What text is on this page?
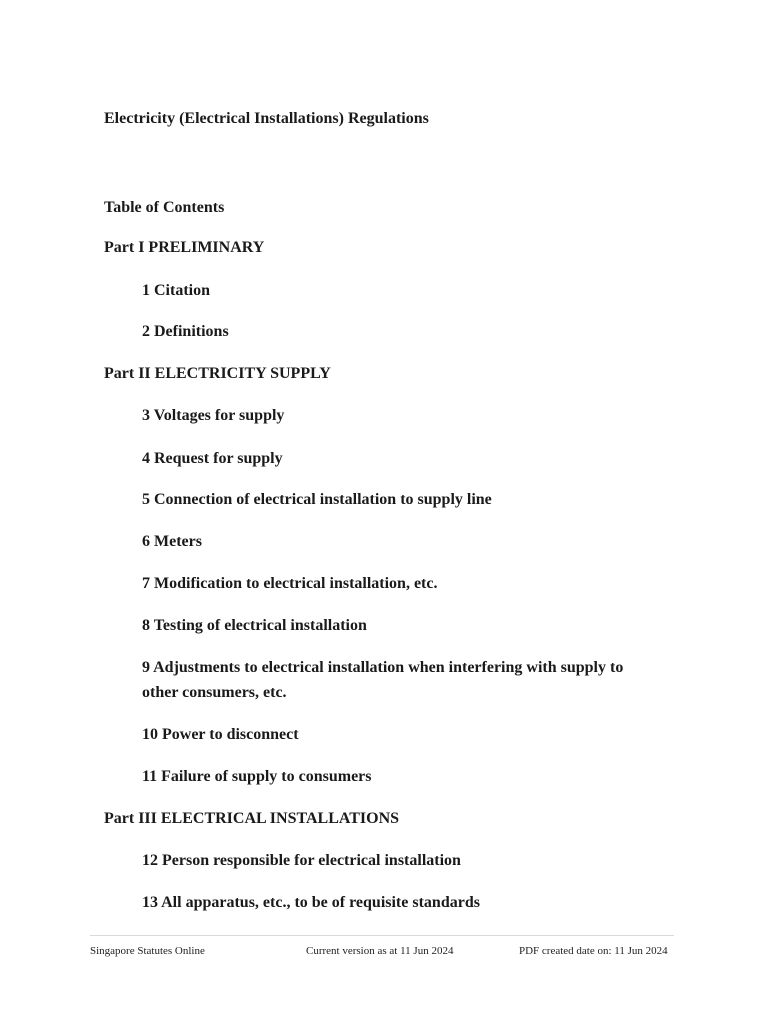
Electricity (Electrical Installations) Regulations
Table of Contents
Part I PRELIMINARY
1 Citation
2 Definitions
Part II ELECTRICITY SUPPLY
3 Voltages for supply
4 Request for supply
5 Connection of electrical installation to supply line
6 Meters
7 Modification to electrical installation, etc.
8 Testing of electrical installation
9 Adjustments to electrical installation when interfering with supply to other consumers, etc.
10 Power to disconnect
11 Failure of supply to consumers
Part III ELECTRICAL INSTALLATIONS
12 Person responsible for electrical installation
13 All apparatus, etc., to be of requisite standards
Singapore Statutes Online	Current version as at 11 Jun 2024	PDF created date on: 11 Jun 2024
